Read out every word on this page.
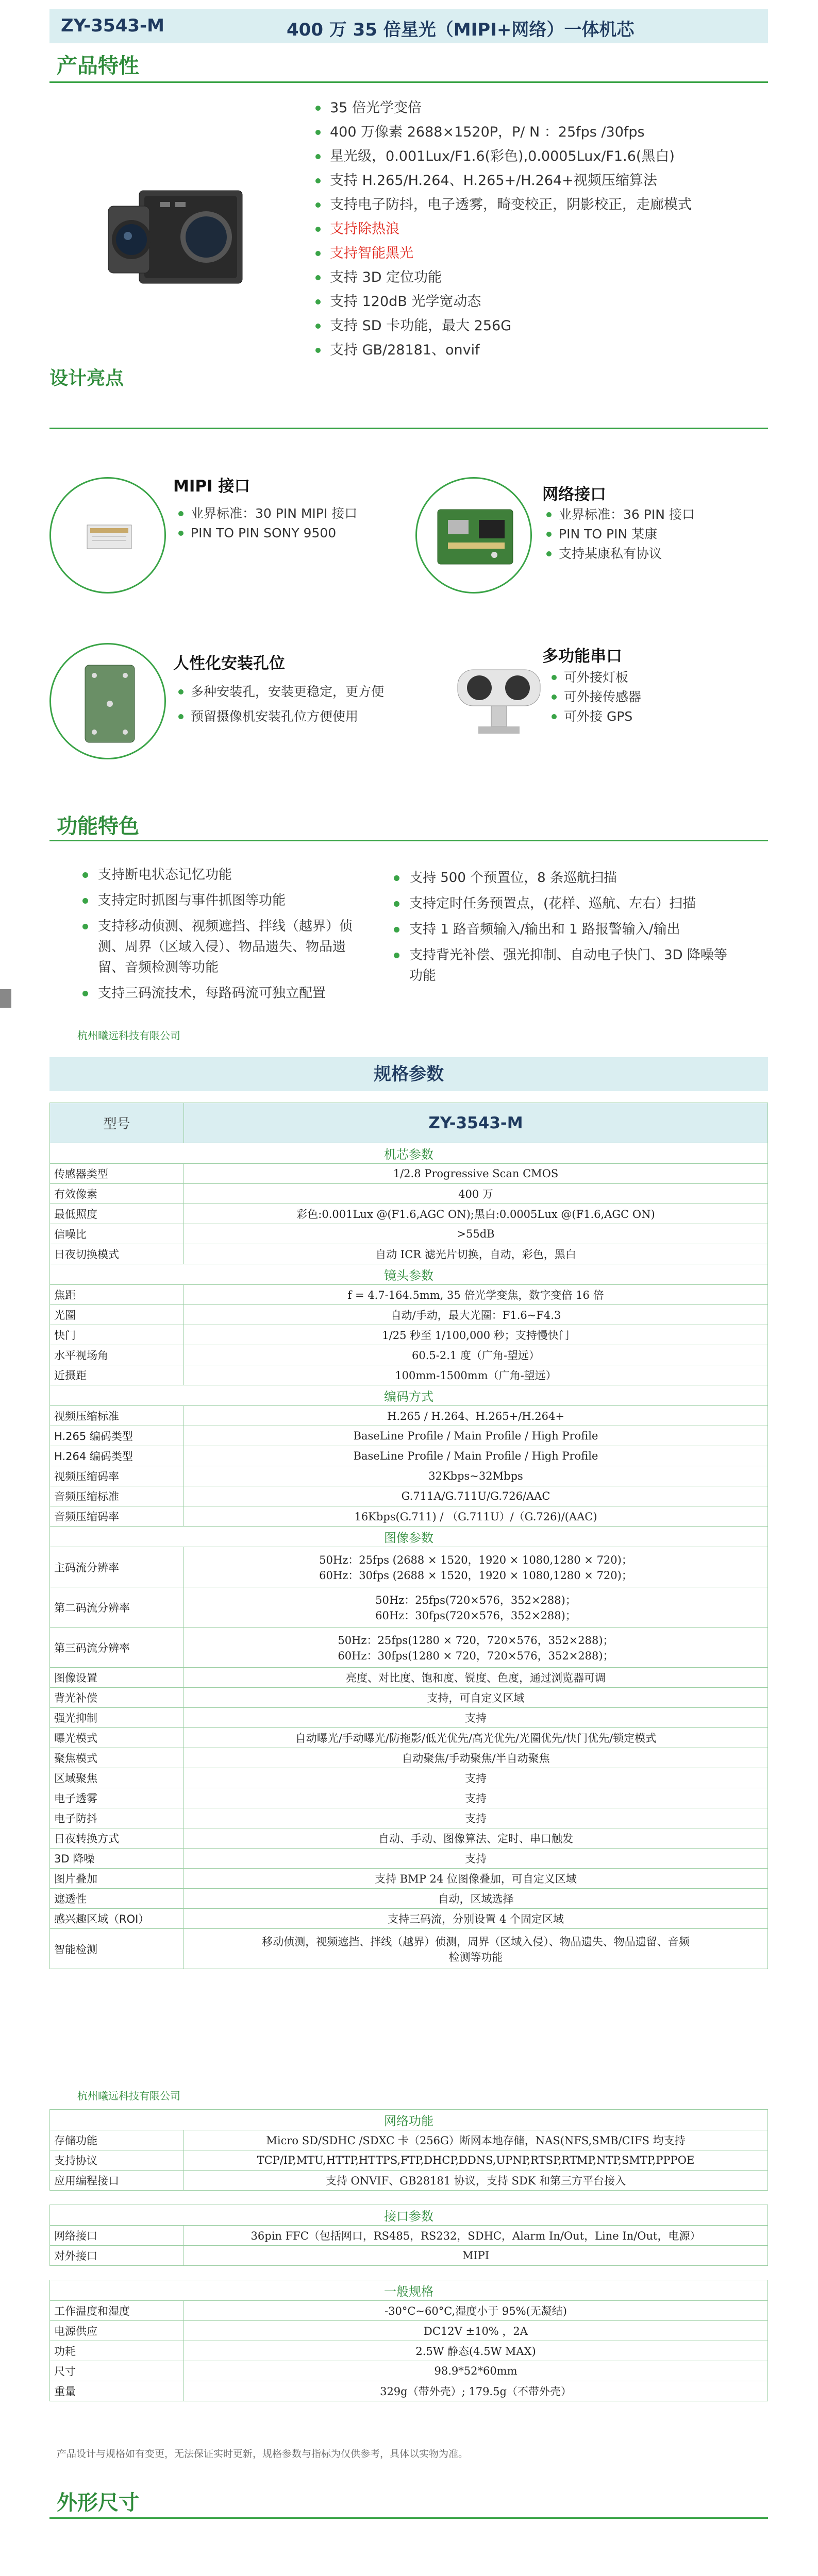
ZY-3543-M	400 万 35 倍星光（MIPI+网络）一体机芯
产品特性
35 倍光学变倍
400 万像素 2688×1520P，P/ N ：25fps /30fps
星光级，0.001Lux/F1.6(彩色),0.0005Lux/F1.6(黑白)
支持 H.265/H.264、H.265+/H.264+视频压缩算法
支持电子防抖，电子透雾，畸变校正，阴影校正，走廊模式
支持除热浪
支持智能黑光
支持 3D 定位功能
支持 120dB 光学宽动态
支持 SD 卡功能，最大 256G
支持 GB/28181、onvif
设计亮点
MIPI 接口
业界标准：30 PIN MIPI 接口
PIN TO PIN SONY 9500
网络接口
业界标准：36 PIN 接口
PIN TO PIN 某康
支持某康私有协议
人性化安装孔位
多种安装孔，安装更稳定，更方便
预留摄像机安装孔位方便使用
多功能串口
可外接灯板
可外接传感器
可外接 GPS
功能特色
支持断电状态记忆功能
支持定时抓图与事件抓图等功能
支持移动侦测、视频遮挡、拌线（越界）侦测、周界（区域入侵）、物品遗失、物品遗留、音频检测等功能
支持三码流技术，每路码流可独立配置
支持 500 个预置位，8 条巡航扫描
支持定时任务预置点，(花样、巡航、左右）扫描
支持 1 路音频输入/输出和 1 路报警输入/输出
支持背光补偿、强光抑制、自动电子快门、3D 降噪等功能
杭州曦远科技有限公司
规格参数
型号	ZY-3543-M
机芯参数	
传感器类型	1/2.8 Progressive Scan CMOS
有效像素	400 万
最低照度	彩色:0.001Lux @(F1.6,AGC ON);黑白:0.0005Lux @(F1.6,AGC ON)
信噪比	>55dB
日夜切换模式	自动 ICR 滤光片切换，自动，彩色，黑白
镜头参数	
焦距	f = 4.7-164.5mm, 35 倍光学变焦，数字变倍 16 倍
光圈	自动/手动，最大光圈：F1.6~F4.3
快门	1/25 秒至 1/100,000 秒；支持慢快门
水平视场角	60.5-2.1 度（广角-望远）
近摄距	100mm-1500mm（广角-望远）
编码方式	
视频压缩标准	H.265 / H.264、H.265+/H.264+
H.265 编码类型	BaseLine Profile / Main Profile / High Profile
H.264 编码类型	BaseLine Profile / Main Profile / High Profile
视频压缩码率	32Kbps~32Mbps
音频压缩标准	G.711A/G.711U/G.726/AAC
音频压缩码率	16Kbps(G.711) / （G.711U）/（G.726)/(AAC)
图像参数	
主码流分辨率	50Hz：25fps (2688 × 1520，1920 × 1080,1280 × 720)；
60Hz：30fps (2688 × 1520，1920 × 1080,1280 × 720)；
第二码流分辨率	50Hz：25fps(720×576，352×288)；
60Hz：30fps(720×576，352×288)；
第三码流分辨率	50Hz：25fps(1280 × 720，720×576，352×288)；
60Hz：30fps(1280 × 720，720×576，352×288)；
图像设置	亮度、对比度、饱和度、锐度、色度，通过浏览器可调
背光补偿	支持，可自定义区域
强光抑制	支持
曝光模式	自动曝光/手动曝光/防拖影/低光优先/高光优先/光圈优先/快门优先/锁定模式
聚焦模式	自动聚焦/手动聚焦/半自动聚焦
区域聚焦	支持
电子透雾	支持
电子防抖	支持
日夜转换方式	自动、手动、图像算法、定时、串口触发
3D 降噪	支持
图片叠加	支持 BMP 24 位图像叠加，可自定义区域
遮透性	自动，区域选择
感兴趣区域（ROI）	支持三码流，分别设置 4 个固定区域
智能检测	移动侦测，视频遮挡、拌线（越界）侦测，周界（区域入侵）、物品遗失、物品遗留、音频
检测等功能
杭州曦远科技有限公司
网络功能	
存储功能	Micro SD/SDHC /SDXC 卡（256G）断网本地存储，NAS(NFS,SMB/CIFS 均支持
支持协议	TCP/IP,MTU,HTTP,HTTPS,FTP,DHCP,DDNS,UPNP,RTSP,RTMP,NTP,SMTP,PPPOE
应用编程接口	支持 ONVIF、GB28181 协议，支持 SDK 和第三方平台接入

接口参数	
网络接口	36pin FFC（包括网口，RS485，RS232，SDHC，Alarm In/Out，Line In/Out，电源）
对外接口	MIPI

一般规格	
工作温度和湿度	-30°C~60°C,湿度小于 95%(无凝结)
电源供应	DC12V ±10% ，2A
功耗	2.5W 静态(4.5W MAX)
尺寸	98.9*52*60mm
重量	329g（带外壳）; 179.5g（不带外壳）
产品设计与规格如有变更，无法保证实时更新，规格参数与指标为仅供参考，具体以实物为准。
外形尺寸
